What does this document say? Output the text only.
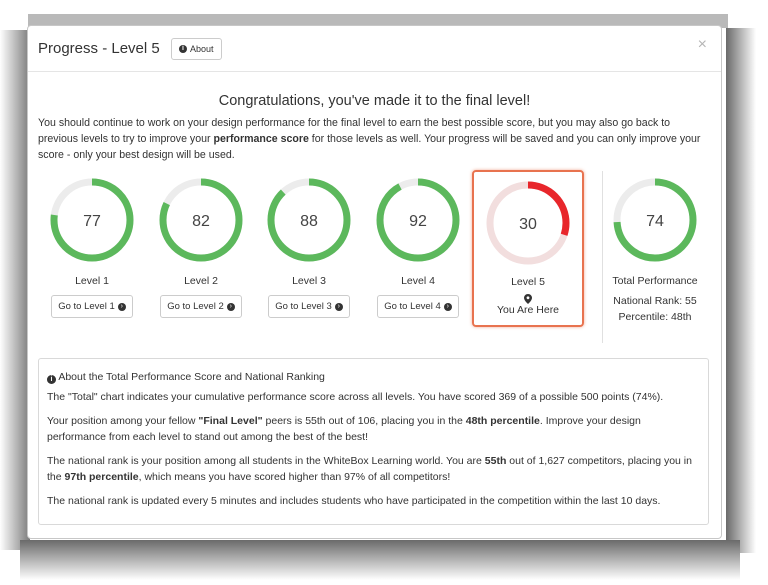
Progress - Level 5	i About	×
Congratulations, you've made it to the final level!
You should continue to work on your design performance for the final level to earn the best possible score, but you may also go back to previous levels to try to improve your performance score for those levels as well. Your progress will be saved and you can only improve your score - only your best design will be used.
77
Level 1
Go to Level 1 ›
82
Level 2
Go to Level 2 ›
88
Level 3
Go to Level 3 ›
92
Level 4
Go to Level 4 ›
30
Level 5
You Are Here
74
Total Performance
National Rank: 55
Percentile: 48th

i About the Total Performance Score and National Ranking

The "Total" chart indicates your cumulative performance score across all levels. You have scored 369 of a possible 500 points (74%).

Your position among your fellow "Final Level" peers is 55th out of 106, placing you in the 48th percentile. Improve your design performance from each level to stand out among the best of the best!

The national rank is your position among all students in the WhiteBox Learning world. You are 55th out of 1,627 competitors, placing you in the 97th percentile, which means you have scored higher than 97% of all competitors!

The national rank is updated every 5 minutes and includes students who have participated in the competition within the last 10 days.
